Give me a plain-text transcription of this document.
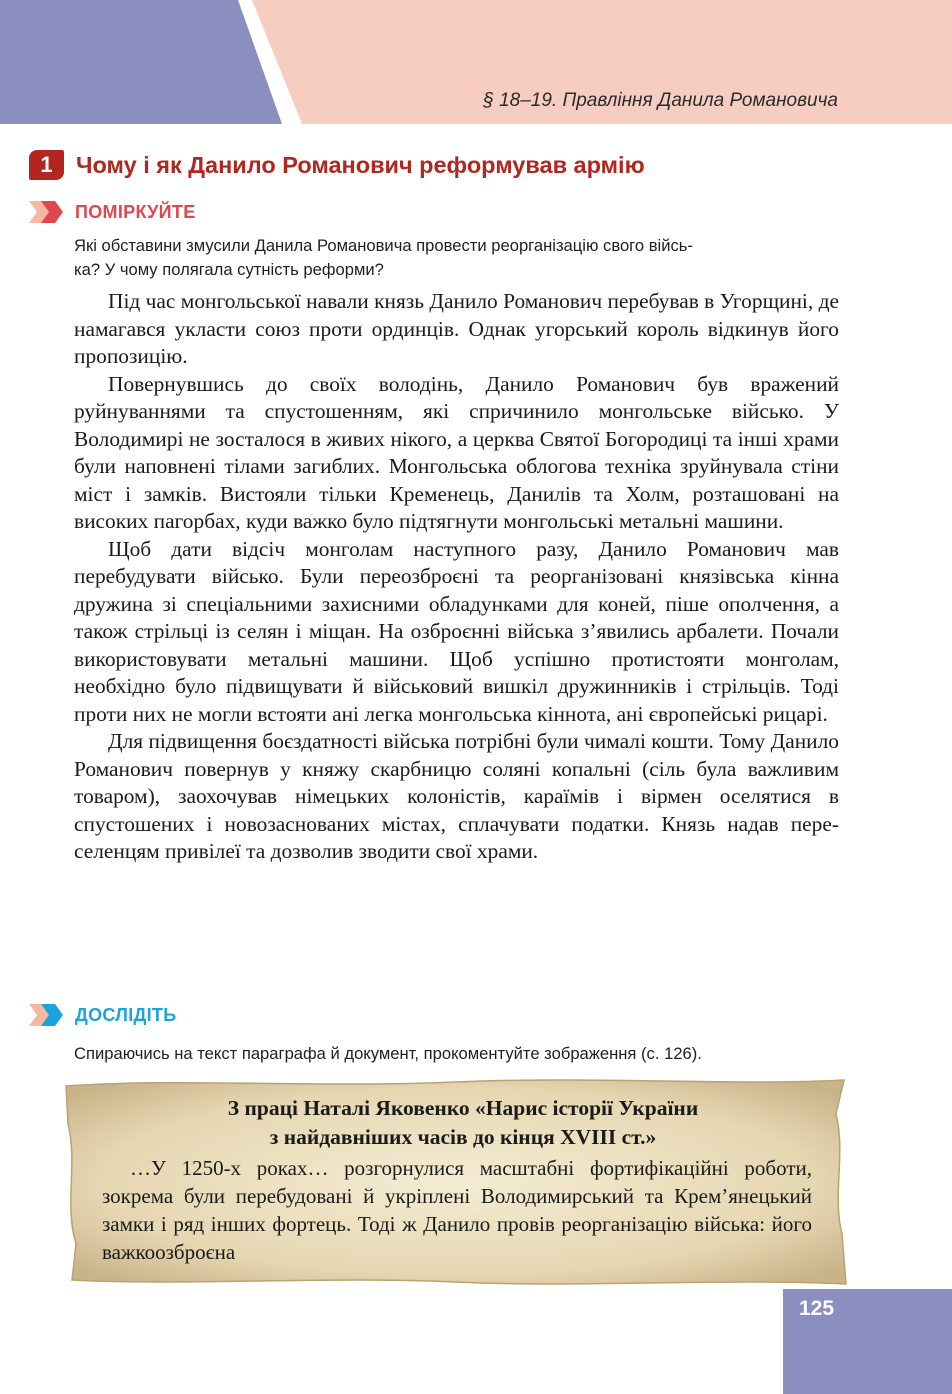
§ 18–19. Правління Данила Романовича
1 Чому і як Данило Романович реформував армію
ПОМІРКУЙТЕ
Які обставини змусили Данила Романовича провести реорганізацію свого війсь-
ка? У чому полягала сутність реформи?

Під час монгольської навали князь Данило Романович перебував в Угорщині, де намагався укласти союз проти ординців. Однак угорський король відкинув його пропозицію.

Повернувшись до своїх володінь, Данило Романович був вражений руйнуваннями та спустошенням, які спричинило монгольське військо. У Володимирі не зосталося в живих нікого, а церква Святої Богородиці та інші храми були наповнені тілами загиблих. Монгольська облогова техніка зруйнувала стіни міст і замків. Вистояли тільки Кременець, Данилів та Холм, розташовані на високих пагорбах, куди важко було підтягнути монгольські метальні машини.

Щоб дати відсіч монголам наступного разу, Данило Романович мав перебудувати військо. Були переозброєні та реорганізовані князівська кінна дружина зі спеціальними захисними обладунками для коней, піше ополчення, а також стрільці із селян і міщан. На озброєнні війська з’явились арбалети. Почали використовувати метальні машини. Щоб успішно протистояти монголам, необхідно було підвищувати й військовий вишкіл дружинників і стрільців. Тоді проти них не могли встояти ані легка монгольська кіннота, ані європейські рицарі.

Для підвищення боєздатності війська потрібні були чималі кошти. Тому Данило Романович повернув у княжу скарбницю соляні копальні (сіль була важливим товаром), заохочував німецьких колоністів, караїмів і вірмен оселятися в спустошених і новозаснованих містах, сплачувати податки. Князь надав переселенцям привілеї та дозволив зводити свої храми.

ДОСЛІДІТЬ
Спираючись на текст параграфа й документ, прокоментуйте зображення (с. 126).
З праці Наталі Яковенко «Нарис історії України
з найдавніших часів до кінця XVIII ст.»

…У 1250-х роках… розгорнулися масштабні фортифікаційні роботи, зокрема були перебудовані й укріплені Володимирський та Крем’янецький замки і ряд інших фортець. Тоді ж Данило провів реорганізацію війська: його важкоозброєна

125
